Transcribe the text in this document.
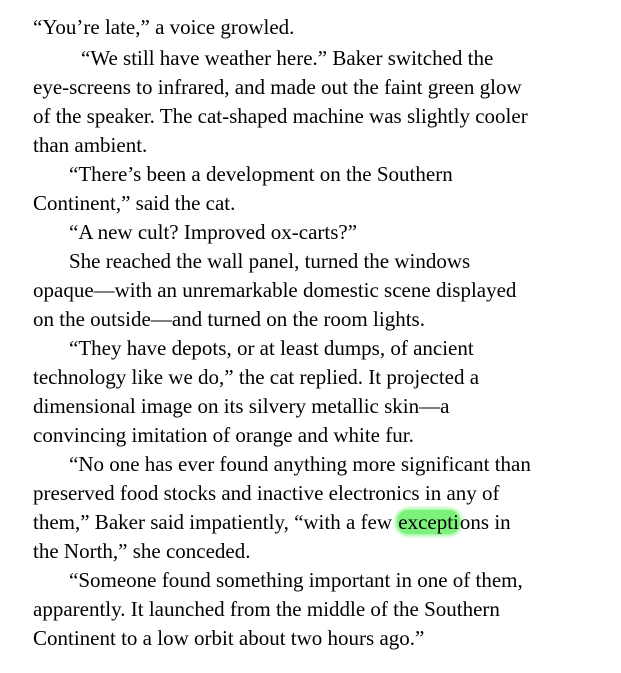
“You’re late,” a voice growled.
“We still have weather here.” Baker switched the
eye-screens to infrared, and made out the faint green glow
of the speaker. The cat-shaped machine was slightly cooler
than ambient.
“There’s been a development on the Southern
Continent,” said the cat.
“A new cult? Improved ox-carts?”
She reached the wall panel, turned the windows
opaque—with an unremarkable domestic scene displayed
on the outside—and turned on the room lights.
“They have depots, or at least dumps, of ancient
technology like we do,” the cat replied. It projected a
dimensional image on its silvery metallic skin—a
convincing imitation of orange and white fur.
“No one has ever found anything more significant than
preserved food stocks and inactive electronics in any of
them,” Baker said impatiently, “with a few exceptions in
the North,” she conceded.
“Someone found something important in one of them,
apparently. It launched from the middle of the Southern
Continent to a low orbit about two hours ago.”
